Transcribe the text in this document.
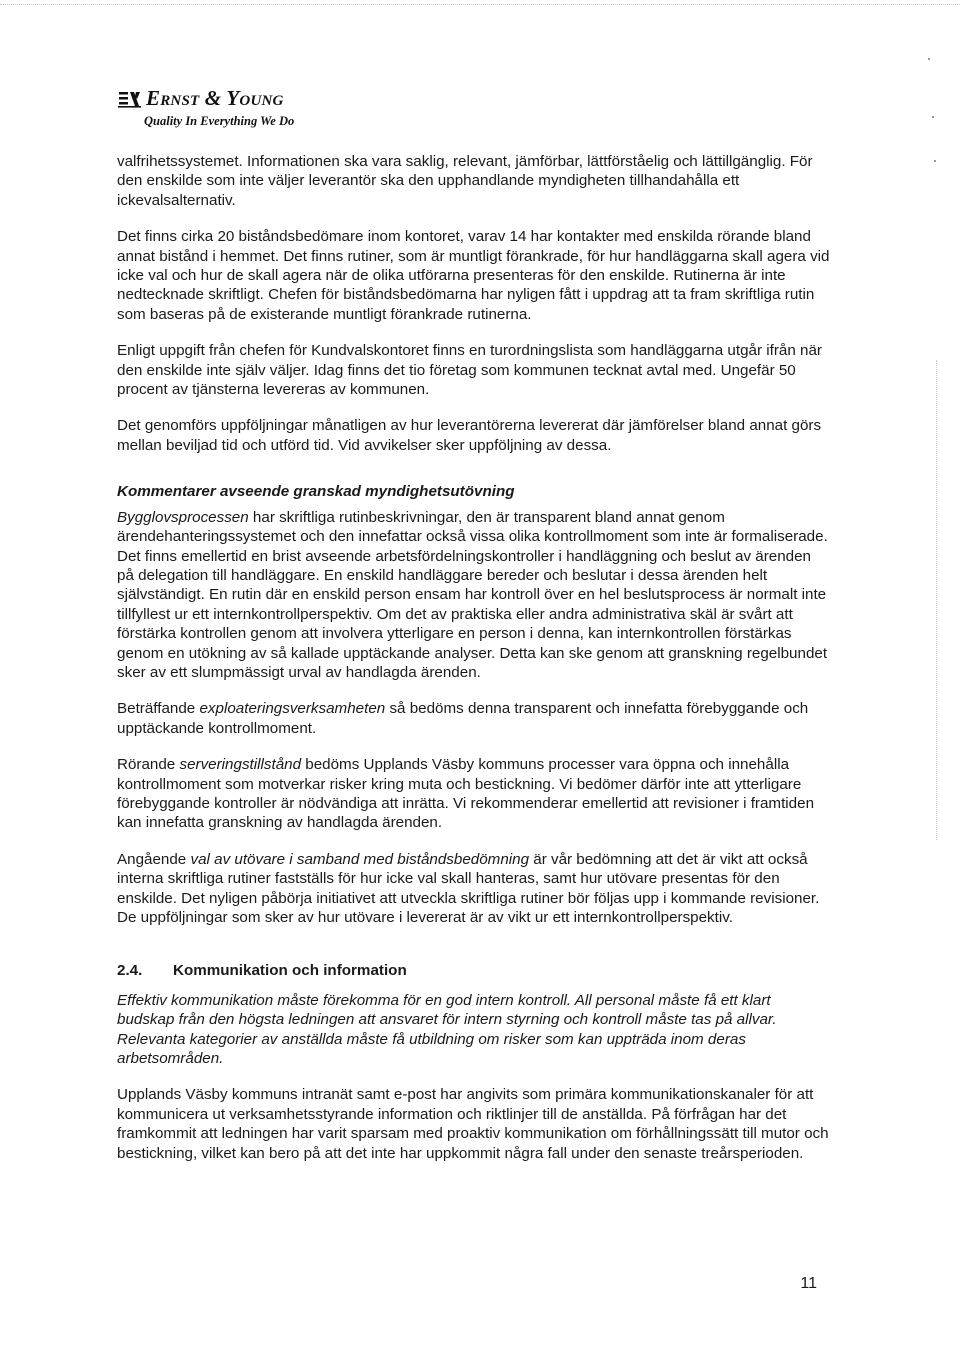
Ernst & Young
Quality In Everything We Do

valfrihetssystemet. Informationen ska vara saklig, relevant, jämförbar, lättförståelig och lättillgänglig. För den enskilde som inte väljer leverantör ska den upphandlande myndigheten tillhandahålla ett ickevalsalternativ.

Det finns cirka 20 biståndsbedömare inom kontoret, varav 14 har kontakter med enskilda rörande bland annat bistånd i hemmet. Det finns rutiner, som är muntligt förankrade, för hur handläggarna skall agera vid icke val och hur de skall agera när de olika utförarna presenteras för den enskilde. Rutinerna är inte nedtecknade skriftligt. Chefen för biståndsbedömarna har nyligen fått i uppdrag att ta fram skriftliga rutin som baseras på de existerande muntligt förankrade rutinerna.

Enligt uppgift från chefen för Kundvalskontoret finns en turordningslista som handläggarna utgår ifrån när den enskilde inte själv väljer. Idag finns det tio företag som kommunen tecknat avtal med. Ungefär 50 procent av tjänsterna levereras av kommunen.

Det genomförs uppföljningar månatligen av hur leverantörerna levererat där jämförelser bland annat görs mellan beviljad tid och utförd tid. Vid avvikelser sker uppföljning av dessa.

Kommentarer avseende granskad myndighetsutövning

Bygglovsprocessen har skriftliga rutinbeskrivningar, den är transparent bland annat genom ärendehanteringssystemet och den innefattar också vissa olika kontrollmoment som inte är formaliserade. Det finns emellertid en brist avseende arbetsfördelningskontroller i handläggning och beslut av ärenden på delegation till handläggare. En enskild handläggare bereder och beslutar i dessa ärenden helt självständigt. En rutin där en enskild person ensam har kontroll över en hel beslutsprocess är normalt inte tillfyllest ur ett internkontrollperspektiv. Om det av praktiska eller andra administrativa skäl är svårt att förstärka kontrollen genom att involvera ytterligare en person i denna, kan internkontrollen förstärkas genom en utökning av så kallade upptäckande analyser. Detta kan ske genom att granskning regelbundet sker av ett slumpmässigt urval av handlagda ärenden.

Beträffande exploateringsverksamheten så bedöms denna transparent och innefatta förebyggande och upptäckande kontrollmoment.

Rörande serveringstillstånd bedöms Upplands Väsby kommuns processer vara öppna och innehålla kontrollmoment som motverkar risker kring muta och bestickning. Vi bedömer därför inte att ytterligare förebyggande kontroller är nödvändiga att inrätta. Vi rekommenderar emellertid att revisioner i framtiden kan innefatta granskning av handlagda ärenden.

Angående val av utövare i samband med biståndsbedömning är vår bedömning att det är vikt att också interna skriftliga rutiner fastställs för hur icke val skall hanteras, samt hur utövare presentas för den enskilde. Det nyligen påbörja initiativet att utveckla skriftliga rutiner bör följas upp i kommande revisioner. De uppföljningar som sker av hur utövare i levererat är av vikt ur ett internkontrollperspektiv.

2.4.	Kommunikation och information

Effektiv kommunikation måste förekomma för en god intern kontroll. All personal måste få ett klart budskap från den högsta ledningen att ansvaret för intern styrning och kontroll måste tas på allvar. Relevanta kategorier av anställda måste få utbildning om risker som kan uppträda inom deras arbetsområden.

Upplands Väsby kommuns intranät samt e-post har angivits som primära kommunikationskanaler för att kommunicera ut verksamhetsstyrande information och riktlinjer till de anställda. På förfrågan har det framkommit att ledningen har varit sparsam med proaktiv kommunikation om förhållningssätt till mutor och bestickning, vilket kan bero på att det inte har uppkommit några fall under den senaste treårsperioden.

11
